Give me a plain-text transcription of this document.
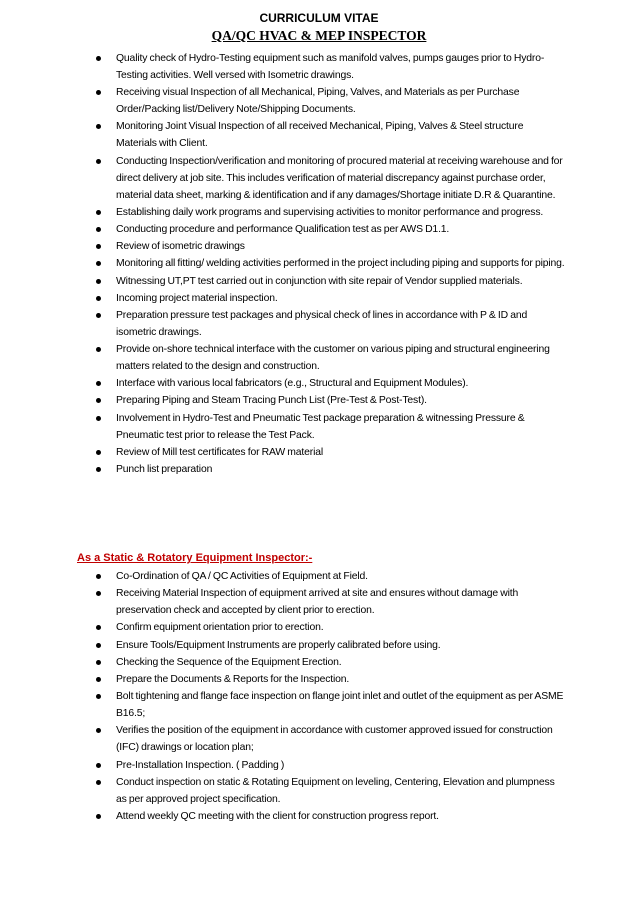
CURRICULUM VITAE
QA/QC HVAC & MEP INSPECTOR
Quality check of Hydro-Testing equipment such as manifold valves, pumps gauges prior to Hydro-Testing activities. Well versed with Isometric drawings.
Receiving visual Inspection of all Mechanical, Piping, Valves, and Materials as per Purchase Order/Packing list/Delivery Note/Shipping Documents.
Monitoring Joint Visual Inspection of all received Mechanical, Piping, Valves & Steel structure Materials with Client.
Conducting Inspection/verification and monitoring of procured material at receiving warehouse and for direct delivery at job site. This includes verification of material discrepancy against purchase order, material data sheet, marking & identification and if any damages/Shortage initiate D.R & Quarantine.
Establishing daily work programs and supervising activities to monitor performance and progress.
Conducting procedure and performance Qualification test as per AWS D1.1.
Review of isometric drawings
Monitoring all fitting/ welding activities performed in the project including piping and supports for piping.
Witnessing UT,PT test carried out in conjunction with site repair of Vendor supplied materials.
Incoming project material inspection.
Preparation pressure test packages and physical check of lines in accordance with P & ID and isometric drawings.
Provide on-shore technical interface with the customer on various piping and structural engineering matters related to the design and construction.
Interface with various local fabricators (e.g., Structural and Equipment Modules).
Preparing Piping and Steam Tracing Punch List (Pre-Test & Post-Test).
Involvement in Hydro-Test and Pneumatic Test package preparation & witnessing Pressure & Pneumatic test prior to release the Test Pack.
Review of Mill test certificates for RAW material
Punch list preparation
As a Static & Rotatory Equipment Inspector:-
Co-Ordination of QA / QC Activities of Equipment at Field.
Receiving Material Inspection of equipment arrived at site and ensures without damage with preservation check and accepted by client prior to erection.
Confirm equipment orientation prior to erection.
Ensure Tools/Equipment Instruments are properly calibrated before using.
Checking the Sequence of the Equipment Erection.
Prepare the Documents & Reports for the Inspection.
Bolt tightening and flange face inspection on flange joint inlet and outlet of the equipment as per ASME B16.5;
Verifies the position of the equipment in accordance with customer approved issued for construction (IFC) drawings or location plan;
Pre-Installation Inspection. ( Padding )
Conduct inspection on static & Rotating Equipment on leveling, Centering, Elevation and plumpness as per approved project specification.
Attend weekly QC meeting with the client for construction progress report.
